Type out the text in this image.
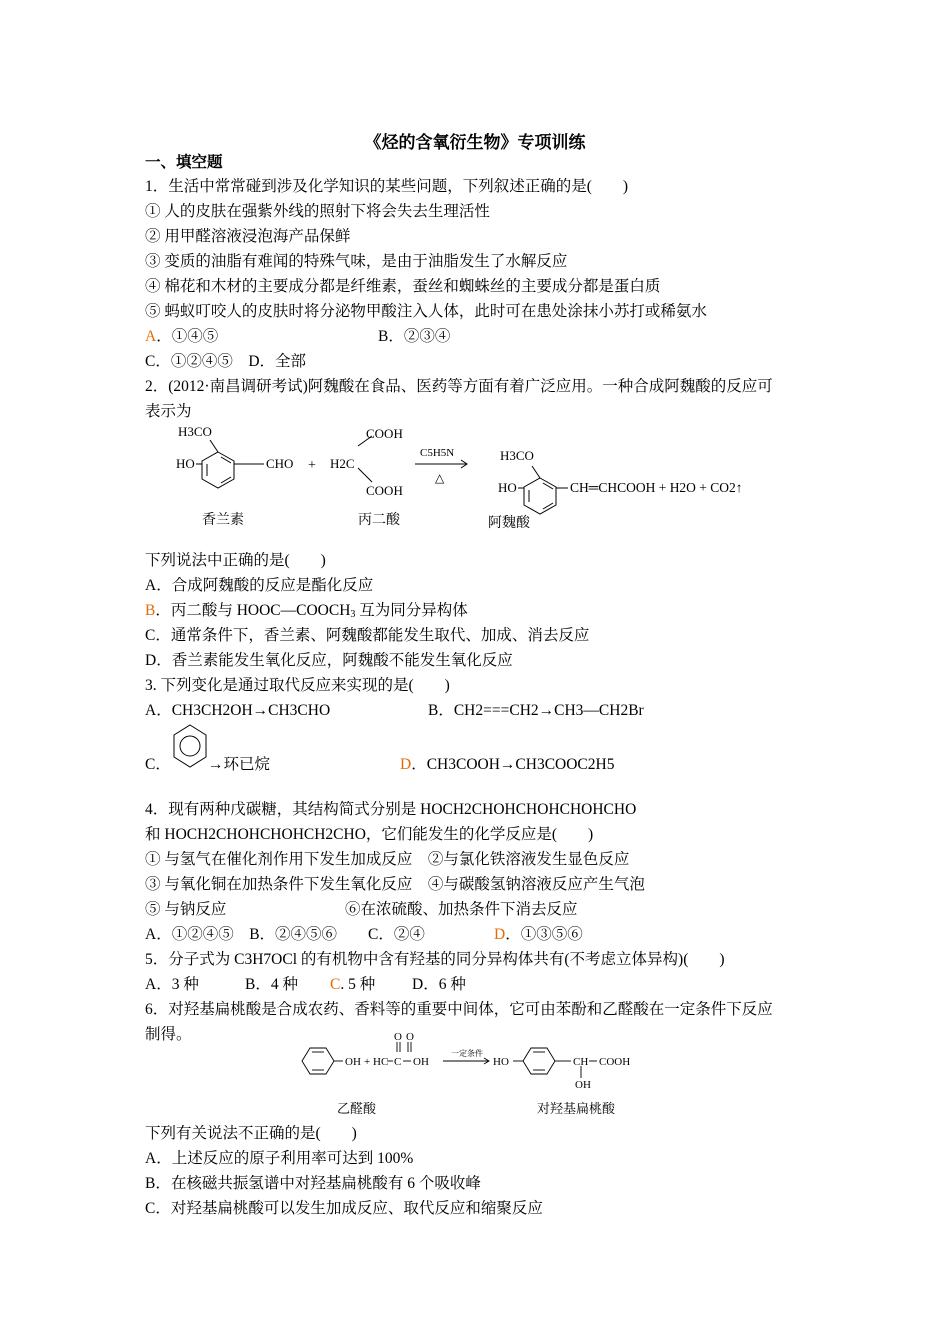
《烃的含氧衍生物》专项训练
一、填空题
1．生活中常常碰到涉及化学知识的某些问题，下列叙述正确的是(　　)
① 人的皮肤在强紫外线的照射下将会失去生理活性
② 用甲醛溶液浸泡海产品保鲜
③ 变质的油脂有难闻的特殊气味，是由于油脂发生了水解反应
④ 棉花和木材的主要成分都是纤维素，蚕丝和蜘蛛丝的主要成分都是蛋白质
⑤ 蚂蚁叮咬人的皮肤时将分泌物甲酸注入人体，此时可在患处涂抹小苏打或稀氨水
A．①④⑤	B．②③④
C．①②④⑤　D．全部
2．(2012·南昌调研考试)阿魏酸在食品、医药等方面有着广泛应用。一种合成阿魏酸的反应可
表示为
H3CO
HO	CHO + H2C
COOH
COOH
C5H5N
△
H3CO
HO	CH═CHCOOH + H2O + CO2↑
香兰素	丙二酸	阿魏酸
下列说法中正确的是(　　)
A．合成阿魏酸的反应是酯化反应
B．丙二酸与 $HOOC—COOCH_3$ 互为同分异构体
C．通常条件下，香兰素、阿魏酸都能发生取代、加成、消去反应
D．香兰素能发生氧化反应，阿魏酸不能发生氧化反应
3. 下列变化是通过取代反应来实现的是(　　)
A．CH3CH2OH→CH3CHO	B．CH2===CH2→CH3—CH2Br
C． →环已烷	D．CH3COOH→CH3COOC2H5
4．现有两种戊碳糖，其结构简式分别是 HOCH2CHOHCHOHCHOHCHO
和 HOCH2CHOHCHOHCH2CHO，它们能发生的化学反应是(　　)
① 与氢气在催化剂作用下发生加成反应　②与氯化铁溶液发生显色反应
③ 与氧化铜在加热条件下发生氧化反应　④与碳酸氢钠溶液反应产生气泡
⑤ 与钠反应	⑥在浓硫酸、加热条件下消去反应
A．①②④⑤　B．②④⑤⑥　　C．②④	D．①③⑤⑥
5．分子式为 C3H7OCl 的有机物中含有羟基的同分异构体共有(不考虑立体异构)(　　)
A．3 种	B．4 种 C. 5 种 D．6 种
6．对羟基扁桃酸是合成农药、香料等的重要中间体，它可由苯酚和乙醛酸在一定条件下反应
制得。
OH + HC C OH
O O
一定条件
HO	CH COOH
OH
乙醛酸	对羟基扁桃酸
下列有关说法不正确的是(　　)
A．上述反应的原子利用率可达到 100%
B．在核磁共振氢谱中对羟基扁桃酸有 6 个吸收峰
C．对羟基扁桃酸可以发生加成反应、取代反应和缩聚反应
